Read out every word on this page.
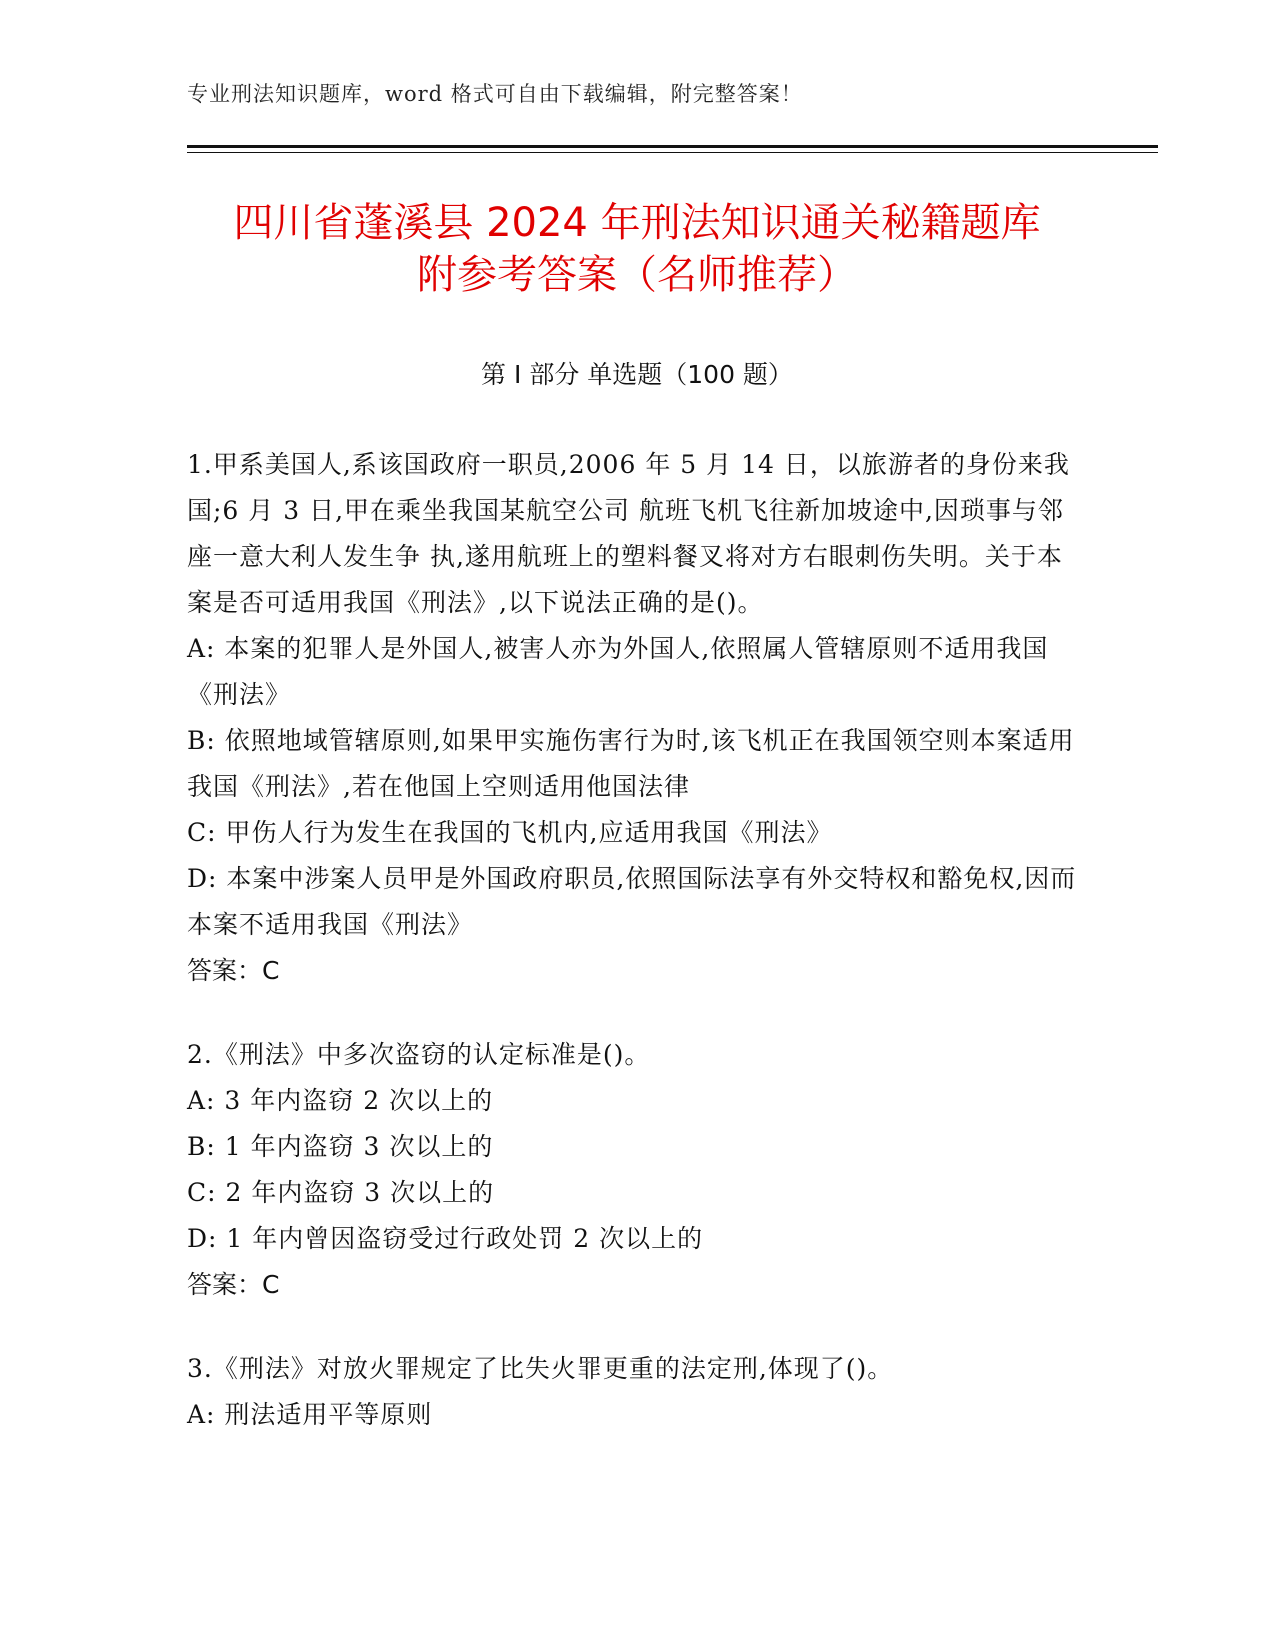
专业刑法知识题库，word 格式可自由下载编辑，附完整答案！
四川省蓬溪县 2024 年刑法知识通关秘籍题库
附参考答案（名师推荐）
第 I 部分 单选题（100 题）

1.甲系美国人,系该国政府一职员,2006 年 5 月 14 日，以旅游者的身份来我国;6 月 3 日,甲在乘坐我国某航空公司 航班飞机飞往新加坡途中,因琐事与邻座一意大利人发生争 执,遂用航班上的塑料餐叉将对方右眼刺伤失明。关于本案是否可适用我国《刑法》,以下说法正确的是()。

A: 本案的犯罪人是外国人,被害人亦为外国人,依照属人管辖原则不适用我国《刑法》

B: 依照地域管辖原则,如果甲实施伤害行为时,该飞机正在我国领空则本案适用我国《刑法》,若在他国上空则适用他国法律

C: 甲伤人行为发生在我国的飞机内,应适用我国《刑法》

D: 本案中涉案人员甲是外国政府职员,依照国际法享有外交特权和豁免权,因而本案不适用我国《刑法》

答案：C

2.《刑法》中多次盗窃的认定标准是()。

A: 3 年内盗窃 2 次以上的

B: 1 年内盗窃 3 次以上的

C: 2 年内盗窃 3 次以上的

D: 1 年内曾因盗窃受过行政处罚 2 次以上的

答案：C

3.《刑法》对放火罪规定了比失火罪更重的法定刑,体现了()。

A: 刑法适用平等原则
